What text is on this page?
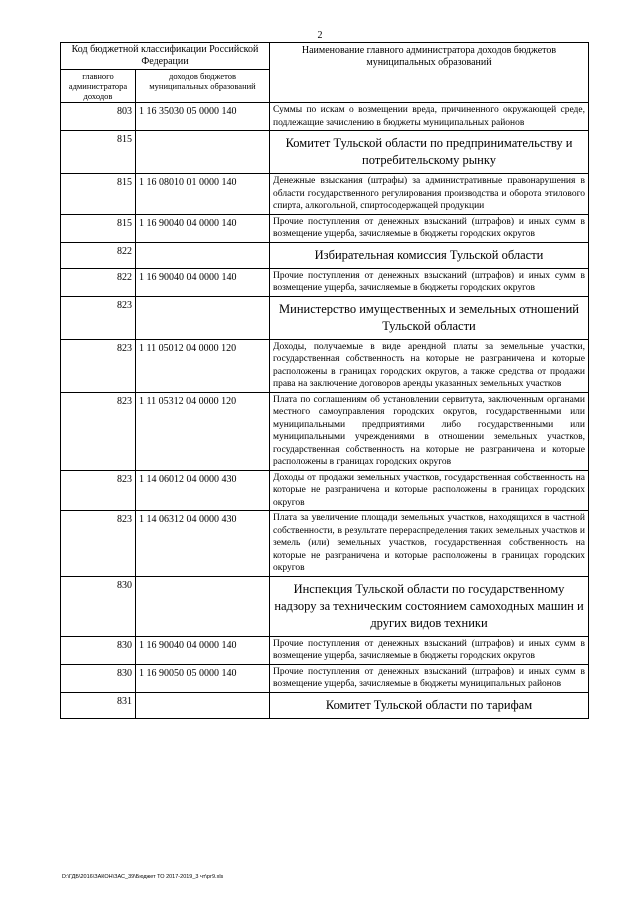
2
Код бюджетной классификации Российской Федерации		Наименование главного администратора доходов бюджетов муниципальных образований
главного администратора доходов	доходов бюджетов муниципальных образований	
803	1 16 35030 05 0000 140	Суммы по искам о возмещении вреда, причиненного окружающей среде, подлежащие зачислению в бюджеты муниципальных районов
815		Комитет Тульской области по предпринимательству и потребительскому рынку
815	1 16 08010 01 0000 140	Денежные взыскания (штрафы) за административные правонарушения в области государственного регулирования производства и оборота этилового спирта, алкогольной, спиртосодержащей продукции
815	1 16 90040 04 0000 140	Прочие поступления от денежных взысканий (штрафов) и иных сумм в возмещение ущерба, зачисляемые в бюджеты городских округов
822		Избирательная комиссия Тульской области
822	1 16 90040 04 0000 140	Прочие поступления от денежных взысканий (штрафов) и иных сумм в возмещение ущерба, зачисляемые в бюджеты городских округов
823		Министерство имущественных и земельных отношений Тульской области
823	1 11 05012 04 0000 120	Доходы, получаемые в виде арендной платы за земельные участки, государственная собственность на которые не разграничена и которые расположены в границах городских округов, а также средства от продажи права на заключение договоров аренды указанных земельных участков
823	1 11 05312 04 0000 120	Плата по соглашениям об установлении сервитута, заключенным органами местного самоуправления городских округов, государственными или муниципальными предприятиями либо государственными или муниципальными учреждениями в отношении земельных участков, государственная собственность на которые не разграничена и которые расположены в границах городских округов
823	1 14 06012 04 0000 430	Доходы от продажи земельных участков, государственная собственность на которые не разграничена и которые расположены в границах городских округов
823	1 14 06312 04 0000 430	Плата за увеличение площади земельных участков, находящихся в частной собственности, в результате перераспределения таких земельных участков и земель (или) земельных участков, государственная собственность на которые не разграничена и которые расположены в границах городских округов
830		Инспекция Тульской области по государственному надзору за техническим состоянием самоходных машин и других видов техники
830	1 16 90040 04 0000 140	Прочие поступления от денежных взысканий (штрафов) и иных сумм в возмещение ущерба, зачисляемые в бюджеты городских округов
830	1 16 90050 05 0000 140	Прочие поступления от денежных взысканий (штрафов) и иных сумм в возмещение ущерба, зачисляемые в бюджеты муниципальных районов
831		Комитет Тульской области по тарифам
D:\ГДБ\2016\ЗАКОН\ЗАС_39\Бюджет ТО 2017-2019_3 чт\рг9.xls
